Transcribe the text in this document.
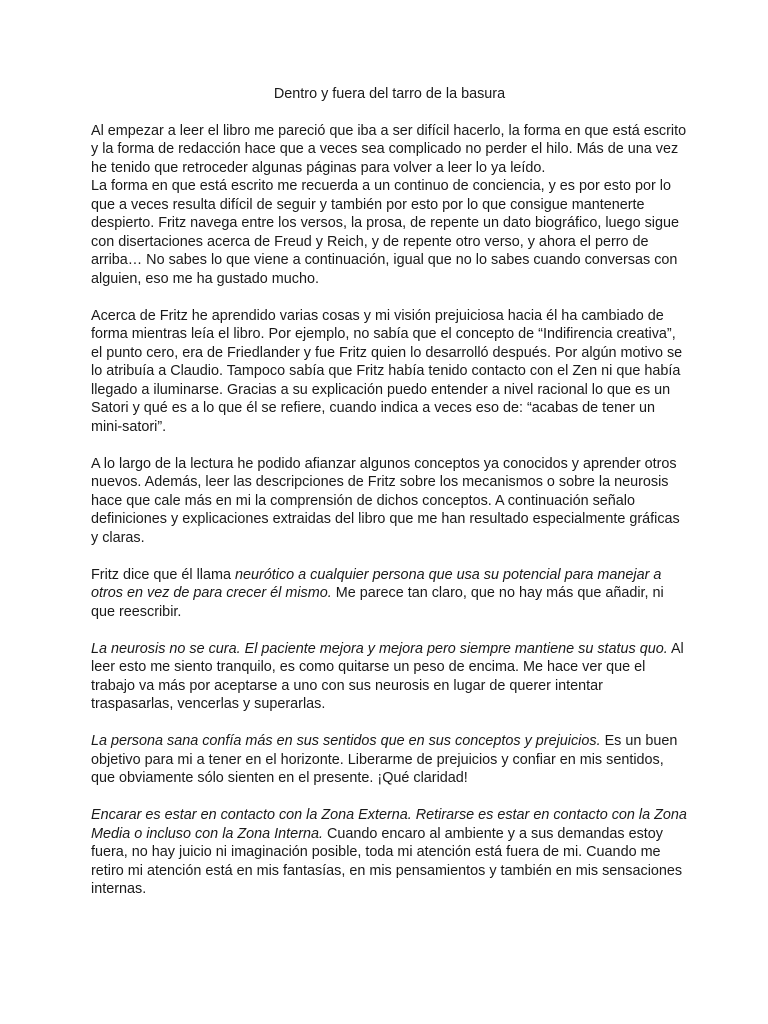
Dentro y fuera del tarro de la basura

Al empezar a leer el libro me pareció que iba a ser difícil hacerlo, la forma en que está escrito y la forma de redacción hace que a veces sea complicado no perder el hilo. Más de una vez he tenido que retroceder algunas páginas para volver a leer lo ya leído.
La forma en que está escrito me recuerda a un continuo de conciencia, y es por esto por lo que a veces resulta difícil de seguir y también por esto por lo que consigue mantenerte despierto. Fritz navega entre los versos, la prosa, de repente un dato biográfico, luego sigue con disertaciones acerca de Freud y Reich, y de repente otro verso, y ahora el perro de arriba… No sabes lo que viene a continuación, igual que no lo sabes cuando conversas con alguien, eso me ha gustado mucho.

Acerca de Fritz he aprendido varias cosas y mi visión prejuiciosa hacia él ha cambiado de forma mientras leía el libro. Por ejemplo, no sabía que el concepto de “Indifirencia creativa”, el punto cero, era de Friedlander y fue Fritz quien lo desarrolló después. Por algún motivo se lo atribuía a Claudio. Tampoco sabía que Fritz había tenido contacto con el Zen ni que había llegado a iluminarse. Gracias a su explicación puedo entender a nivel racional lo que es un Satori y qué es a lo que él se refiere, cuando indica a veces eso de: “acabas de tener un mini-satori”.

A lo largo de la lectura he podido afianzar algunos conceptos ya conocidos y aprender otros nuevos. Además, leer las descripciones de Fritz sobre los mecanismos o sobre la neurosis hace que cale más en mi la comprensión de dichos conceptos. A continuación señalo definiciones y explicaciones extraidas del libro que me han resultado especialmente gráficas y claras.

Fritz dice que él llama neurótico a cualquier persona que usa su potencial para manejar a otros en vez de para crecer él mismo. Me parece tan claro, que no hay más que añadir, ni que reescribir.

La neurosis no se cura. El paciente mejora y mejora pero siempre mantiene su status quo. Al leer esto me siento tranquilo, es como quitarse un peso de encima. Me hace ver que el trabajo va más por aceptarse a uno con sus neurosis en lugar de querer intentar traspasarlas, vencerlas y superarlas.

La persona sana confía más en sus sentidos que en sus conceptos y prejuicios. Es un buen objetivo para mi a tener en el horizonte. Liberarme de prejuicios y confiar en mis sentidos, que obviamente sólo sienten en el presente. ¡Qué claridad!

Encarar es estar en contacto con la Zona Externa. Retirarse es estar en contacto con la Zona Media o incluso con la Zona Interna. Cuando encaro al ambiente y a sus demandas estoy fuera, no hay juicio ni imaginación posible, toda mi atención está fuera de mi. Cuando me retiro mi atención está en mis fantasías, en mis pensamientos y también en mis sensaciones internas.
